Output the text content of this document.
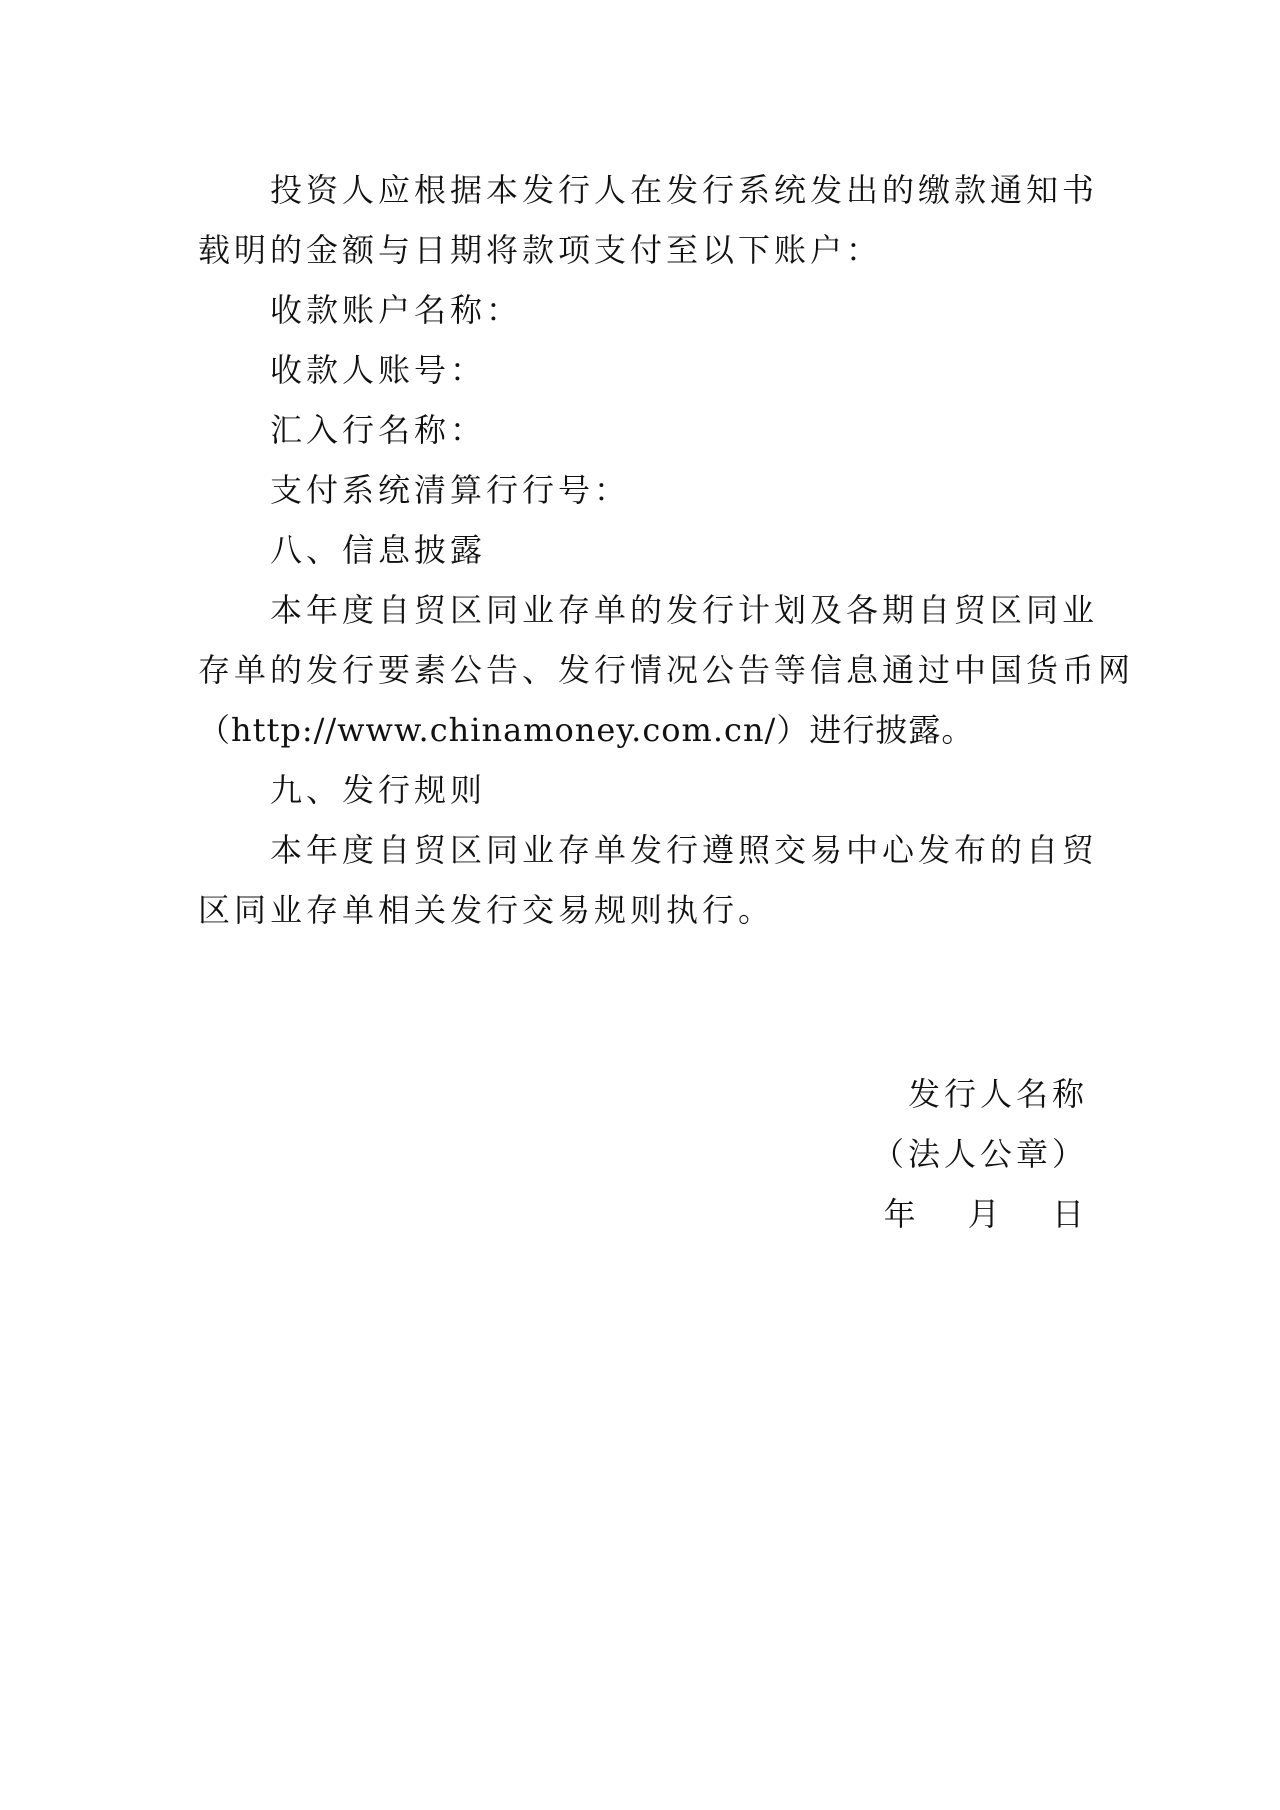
投资人应根据本发行人在发行系统发出的缴款通知书
载明的金额与日期将款项支付至以下账户：
收款账户名称：
收款人账号：
汇入行名称：
支付系统清算行行号：
八、信息披露
本年度自贸区同业存单的发行计划及各期自贸区同业
存单的发行要素公告、发行情况公告等信息通过中国货币网
（http://www.chinamoney.com.cn/）进行披露。
九、发行规则
本年度自贸区同业存单发行遵照交易中心发布的自贸
区同业存单相关发行交易规则执行。
发行人名称
（法人公章）
年 月 日
